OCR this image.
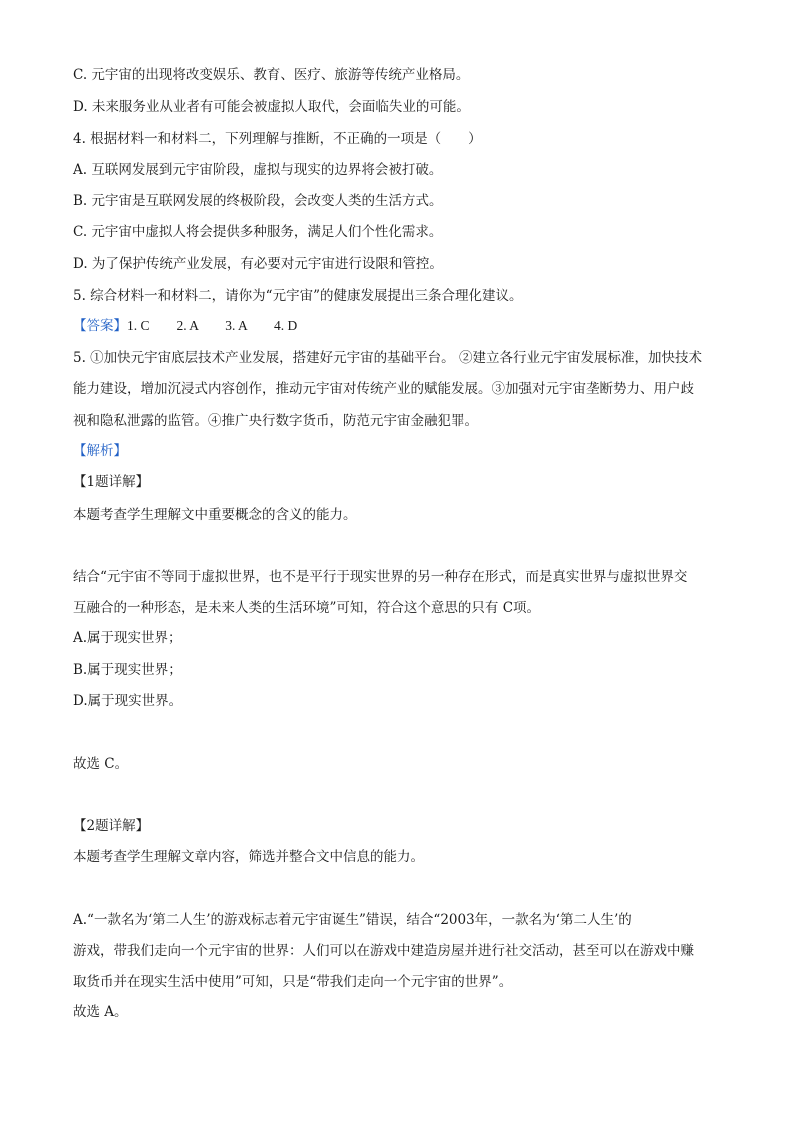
C. 元宇宙的出现将改变娱乐、教育、医疗、旅游等传统产业格局。
D. 未来服务业从业者有可能会被虚拟人取代，会面临失业的可能。
4. 根据材料一和材料二，下列理解与推断，不正确的一项是（　　）
A. 互联网发展到元宇宙阶段，虚拟与现实的边界将会被打破。
B. 元宇宙是互联网发展的终极阶段，会改变人类的生活方式。
C. 元宇宙中虚拟人将会提供多种服务，满足人们个性化需求。
D. 为了保护传统产业发展，有必要对元宇宙进行设限和管控。
5. 综合材料一和材料二，请你为“元宇宙”的健康发展提出三条合理化建议。
【答案】1. C　　2. A　　3. A　　4. D
5. ①加快元宇宙底层技术产业发展，搭建好元宇宙的基础平台。 ②建立各行业元宇宙发展标准，加快技术
能力建设，增加沉浸式内容创作，推动元宇宙对传统产业的赋能发展。③加强对元宇宙垄断势力、用户歧
视和隐私泄露的监管。④推广央行数字货币，防范元宇宙金融犯罪。
【解析】
【1题详解】
本题考查学生理解文中重要概念的含义的能力。
结合“元宇宙不等同于虚拟世界，也不是平行于现实世界的另一种存在形式，而是真实世界与虚拟世界交
互融合的一种形态，是未来人类的生活环境”可知，符合这个意思的只有 C项。
A.属于现实世界；
B.属于现实世界；
D.属于现实世界。
故选 C。
【2题详解】
本题考查学生理解文章内容，筛选并整合文中信息的能力。
A.“一款名为‘第二人生’的游戏标志着元宇宙诞生”错误，结合“2003年，一款名为‘第二人生’的
游戏，带我们走向一个元宇宙的世界：人们可以在游戏中建造房屋并进行社交活动，甚至可以在游戏中赚
取货币并在现实生活中使用”可知，只是“带我们走向一个元宇宙的世界”。
故选 A。
